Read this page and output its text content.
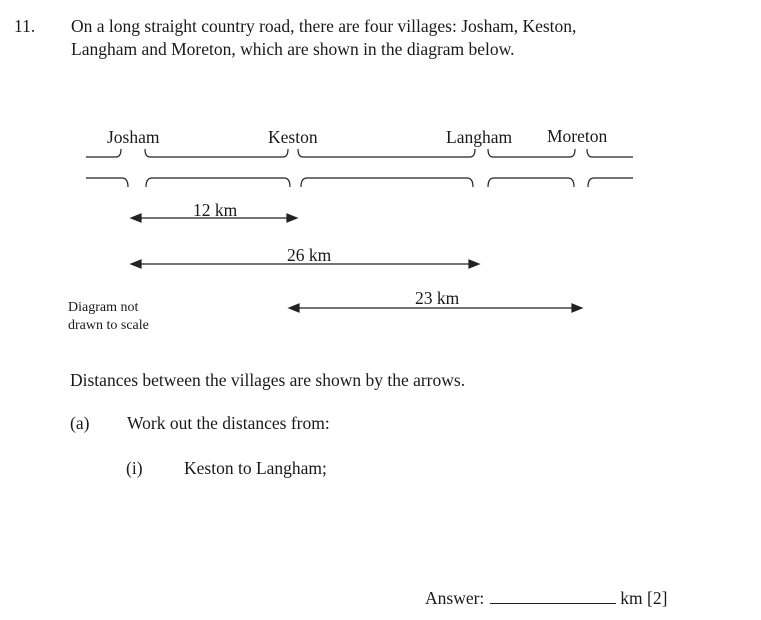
11. On a long straight country road, there are four villages: Josham, Keston,
Langham and Moreton, which are shown in the diagram below.
Josham	Keston	Langham Moreton
12 km
26 km
23 km
Diagram not
drawn to scale
Distances between the villages are shown by the arrows.
(a) Work out the distances from:
(i) Keston to Langham;
Answer:	km [2]
